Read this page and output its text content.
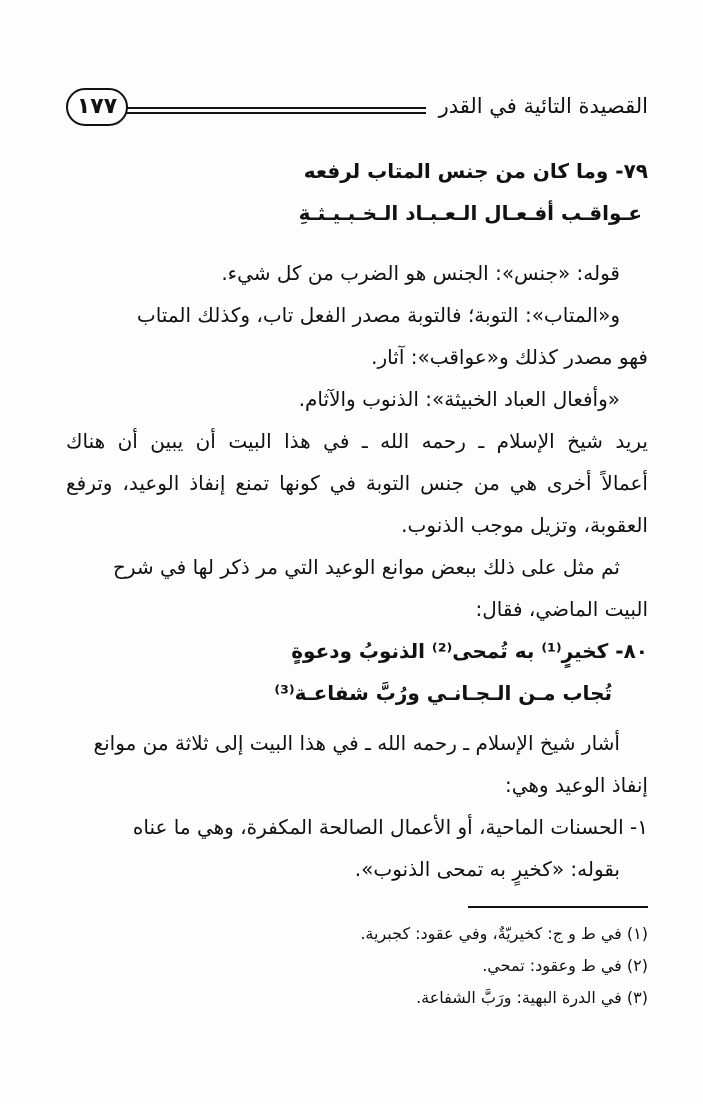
١٧٧	القصيدة التائية في القدر
٧٩- وما كان من جنس المتاب لرفعه
عـواقـب أفـعـال الـعـبـاد الـخـبـيـثـةِ
قوله: «جنس»: الجنس هو الضرب من كل شيء.
و«المتاب»: التوبة؛ فالتوبة مصدر الفعل تاب، وكذلك المتاب
فهو مصدر كذلك و«عواقب»: آثار.
«وأفعال العباد الخبيثة»: الذنوب والآثام.
يريد شيخ الإسلام ـ رحمه الله ـ في هذا البيت أن يبين أن هناك
أعمالاً أخرى هي من جنس التوبة في كونها تمنع إنفاذ الوعيد، وترفع
العقوبة، وتزيل موجب الذنوب.
ثم مثل على ذلك ببعض موانع الوعيد التي مر ذكر لها في شرح
البيت الماضي، فقال:
٨٠- كخيرٍ⁽¹⁾ به تُمحى⁽²⁾ الذنوبُ ودعوةٍ
تُجاب مـن الـجـانـي ورُبَّ شفاعـة⁽³⁾
أشار شيخ الإسلام ـ رحمه الله ـ في هذا البيت إلى ثلاثة من موانع
إنفاذ الوعيد وهي:
١- الحسنات الماحية، أو الأعمال الصالحة المكفرة، وهي ما عناه
بقوله: «كخيرٍ به تمحى الذنوب».
(١) في ط و ج: كخيريّةٌ، وفي عقود: كجبرية.
(٢) في ط وعقود: تمحي.
(٣) في الدرة البهية: ورَبَّ الشفاعة.
